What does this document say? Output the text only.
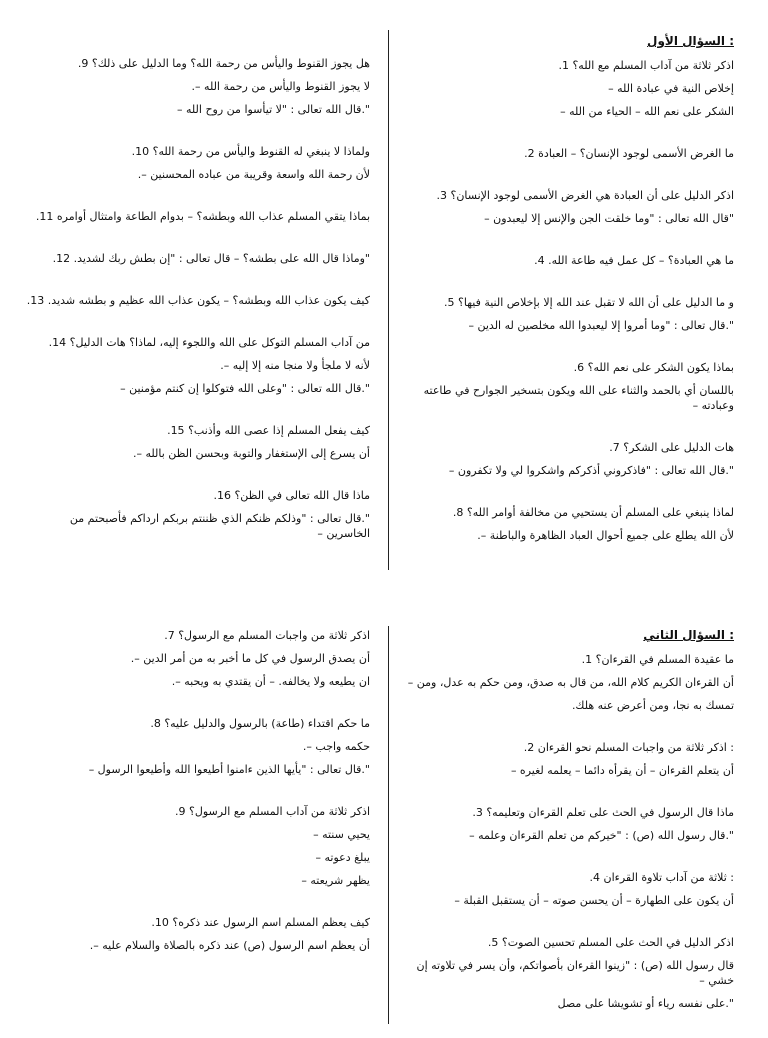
: السؤال الأول
اذكر ثلاثة من آداب المسلم مع الله؟ 1.
إخلاص النية في عبادة الله –
الشكر على نعم الله – الحياء من الله –
ما الغرض الأسمى لوجود الإنسان؟ – العبادة 2.
اذكر الدليل على أن العبادة هي الغرض الأسمى لوجود الإنسان؟ 3.
"قال الله تعالى : "وما خلقت الجن والإنس إلا ليعبدون –
ما هي العبادة؟ – كل عمل فيه طاعة الله. 4.
و ما الدليل على أن الله لا تقبل عند الله إلا بإخلاص النية فيها؟ 5.
".قال تعالى : "وما أمروا إلا ليعبدوا الله مخلصين له الدين –
بماذا يكون الشكر على نعم الله؟ 6.
باللسان أي بالحمد والثناء على الله ويكون بتسخير الجوارح في طاعته وعبادته –
هات الدليل على الشكر؟ 7.
".قال الله تعالى : "فاذكروني أذكركم واشكروا لي ولا تكفرون –
لماذا ينبغي على المسلم أن يستحيي من مخالفة أوامر الله؟ 8.
لأن الله يطلع على جميع أحوال العباد الظاهرة والباطنة –.
هل يجوز القنوط واليأس من رحمة الله؟ وما الدليل على ذلك؟ 9.
لا يجوز القنوط واليأس من رحمة الله –.
".قال الله تعالى : "لا تيأسوا من روح الله –
ولماذا لا ينبغي له القنوط واليأس من رحمة الله؟ 10.
لأن رحمة الله واسعة وقريبة من عباده المحسنين –.
بماذا يتقي المسلم عذاب الله وبطشه؟ – بدوام الطاعة وامتثال أوامره 11.
"وماذا قال الله على بطشه؟ – قال تعالى : "إن بطش ربك لشديد. 12.
كيف يكون عذاب الله وبطشه؟ – يكون عذاب الله عظيم و بطشه شديد. 13.
من آداب المسلم التوكل على الله واللجوء إليه، لماذا؟ هات الدليل؟ 14.
لأنه لا ملجأ ولا منجا منه إلا إليه –.
".قال الله تعالى : "وعلى الله فتوكلوا إن كنتم مؤمنين –
كيف يفعل المسلم إذا عصى الله وأذنب؟ 15.
أن يسرع إلى الإستغفار والتوبة وبحسن الظن بالله –.
ماذا قال الله تعالى في الظن؟ 16.
".قال تعالى : "وذلكم ظنكم الذي ظننتم بربكم ارداكم فأصبحتم من الخاسرين –
: السؤال الثاني
ما عقيدة المسلم في القرءان؟ 1.
أن القرءان الكريم كلام الله، من قال به صدق، ومن حكم به عدل، ومن –
تمسك به نجا، ومن أعرض عنه هلك.
: اذكر ثلاثة من واجبات المسلم نحو القرءان 2.
أن يتعلم القرءان – أن يقرأه دائما – يعلمه لغيره –
ماذا قال الرسول في الحث على تعلم القرءان وتعليمه؟ 3.
".قال رسول الله (ص) : "خيركم من تعلم القرءان وعلمه –
: ثلاثة من آداب تلاوة القرءان 4.
أن يكون على الطهارة – أن يحسن صوته – أن يستقبل القبلة –
اذكر الدليل في الحث على المسلم تحسين الصوت؟ 5.
قال رسول الله (ص) : "زينوا القرءان بأصواتكم، وأن يسر في تلاوته إن خشي –
".على نفسه رياء أو تشويشا على مصل
اذكر ثلاثة من واجبات المسلم مع الرسول؟ 7.
أن يصدق الرسول في كل ما أخبر به من أمر الدين –.
ان يطيعه ولا يخالفه. – أن يقتدي به ويحبه –.
ما حكم اقتداء (طاعة) بالرسول والدليل عليه؟ 8.
حكمه واجب –.
".قال تعالى : "يأيها الذين ءامنوا أطيعوا الله وأطيعوا الرسول –
اذكر ثلاثة من آداب المسلم مع الرسول؟ 9.
يحيي سنته –
يبلغ دعوته –
يظهر شريعته –
كيف يعظم المسلم اسم الرسول عند ذكره؟ 10.
أن يعظم اسم الرسول (ص) عند ذكره بالصلاة والسلام عليه –.
